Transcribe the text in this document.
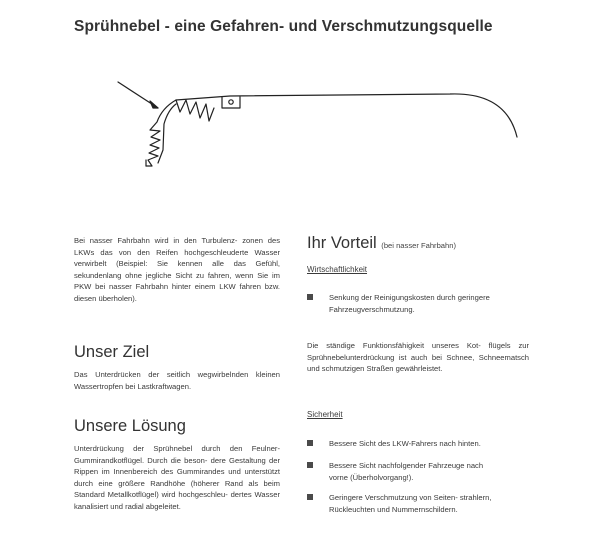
Sprühnebel - eine Gefahren- und Verschmutzungsquelle

Bei nasser Fahrbahn wird in den Turbulenz- zonen des LKWs das von den Reifen hochgeschleuderte Wasser verwirbelt (Beispiel: Sie kennen alle das Gefühl, sekundenlang ohne jegliche Sicht zu fahren, wenn Sie im PKW bei nasser Fahrbahn hinter einem LKW fahren bzw. diesen überholen).

Unser Ziel

Das Unterdrücken der seitlich wegwirbelnden kleinen Wassertropfen bei Lastkraftwagen.

Unsere Lösung

Unterdrückung der Sprühnebel durch den Feulner-Gummirandkotflügel. Durch die beson- dere Gestaltung der Rippen im Innenbereich des Gummirandes und unterstützt durch eine größere Randhöhe (höherer Rand als beim Standard Metallkotflügel) wird hochgeschleu- dertes Wasser kanalisiert und radial abgeleitet.

Ihr Vorteil (bei nasser Fahrbahn)

Wirtschaftlichkeit

Senkung der Reinigungskosten durch geringere Fahrzeugverschmutzung.

Die ständige Funktionsfähigkeit unseres Kot- flügels zur Sprühnebelunterdrückung ist auch bei Schnee, Schneematsch und schmutzigen Straßen gewährleistet.

Sicherheit

Bessere Sicht des LKW-Fahrers nach hinten.
Bessere Sicht nachfolgender Fahrzeuge nach vorne (Überholvorgang!).
Geringere Verschmutzung von Seiten- strahlern, Rückleuchten und Nummernschildern.
